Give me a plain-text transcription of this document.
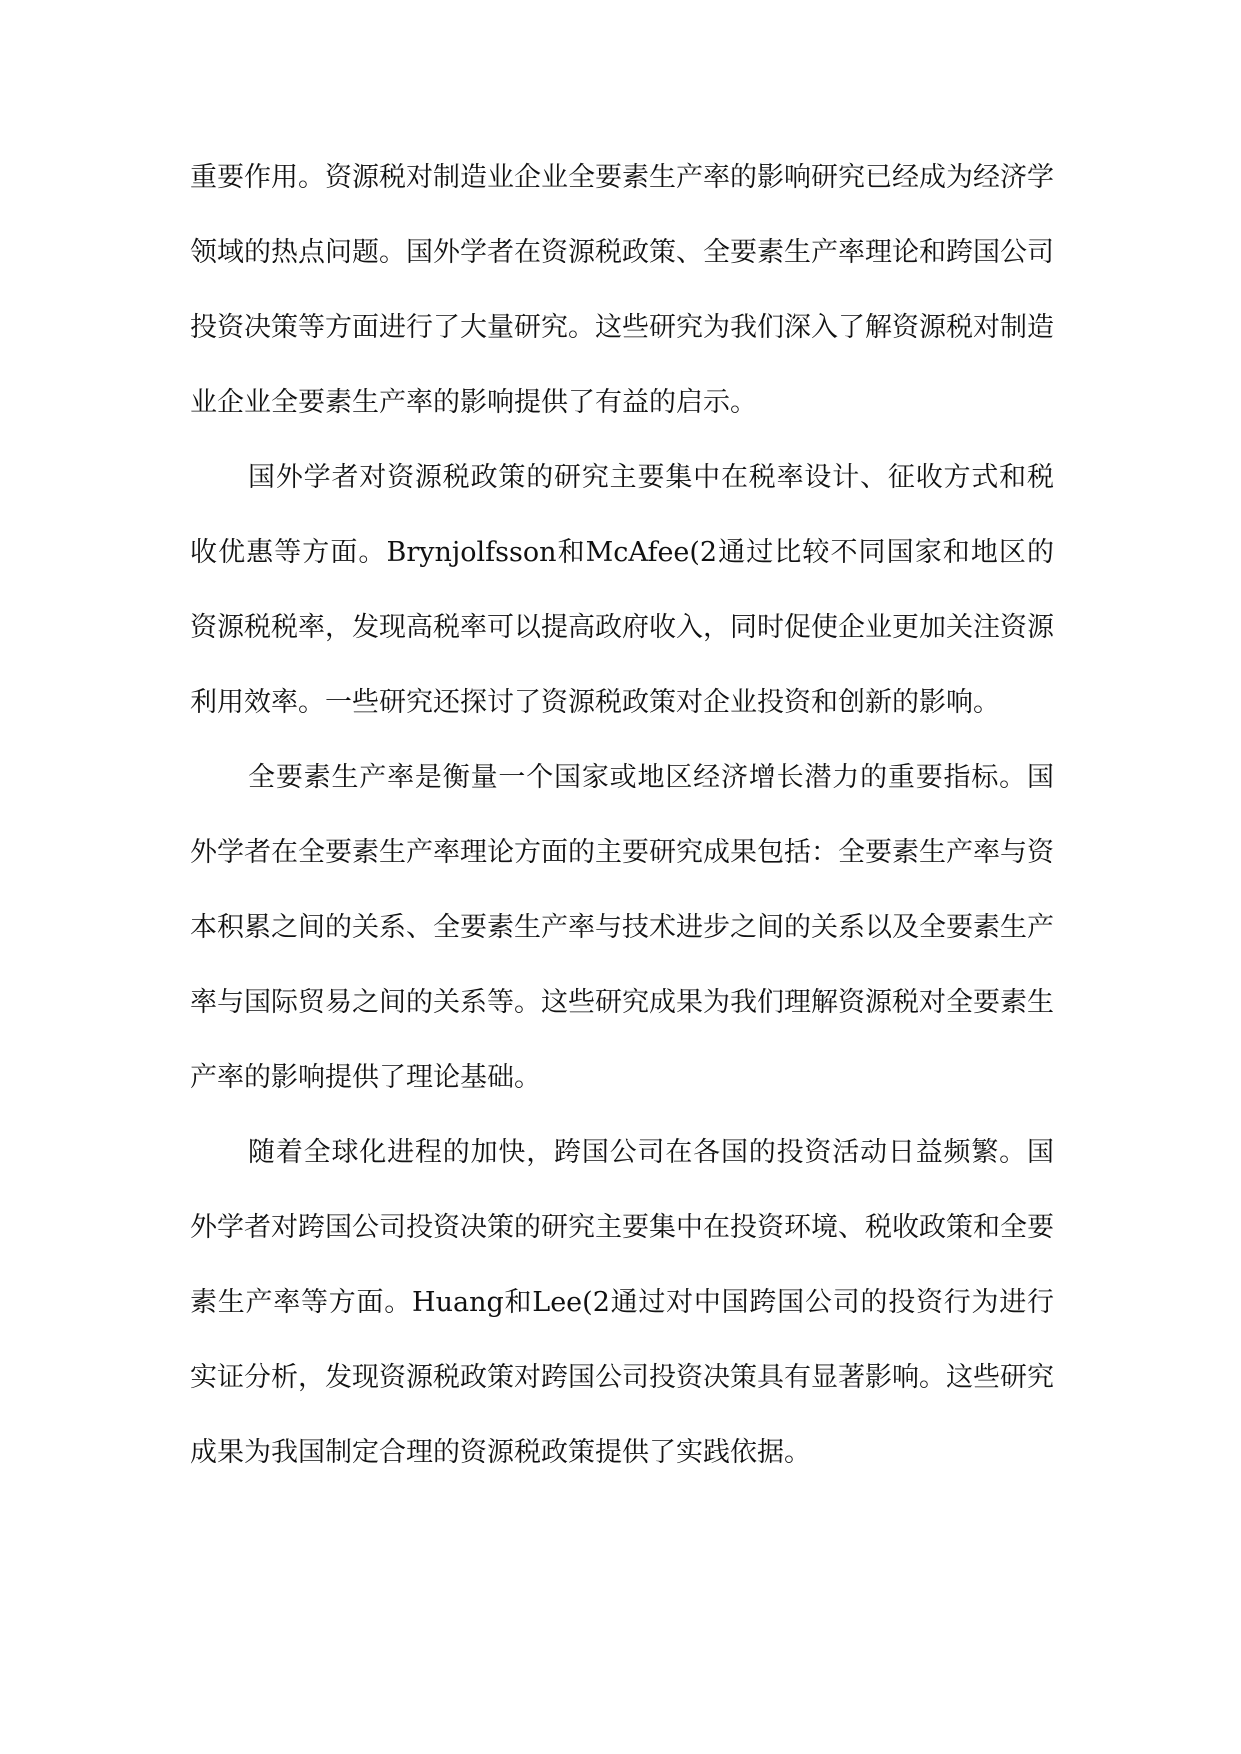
重要作用。资源税对制造业企业全要素生产率的影响研究已经成为经济学领域的热点问题。国外学者在资源税政策、全要素生产率理论和跨国公司投资决策等方面进行了大量研究。这些研究为我们深入了解资源税对制造业企业全要素生产率的影响提供了有益的启示。

国外学者对资源税政策的研究主要集中在税率设计、征收方式和税收优惠等方面。Brynjolfsson和McAfee(2通过比较不同国家和地区的资源税税率，发现高税率可以提高政府收入，同时促使企业更加关注资源利用效率。一些研究还探讨了资源税政策对企业投资和创新的影响。

全要素生产率是衡量一个国家或地区经济增长潜力的重要指标。国外学者在全要素生产率理论方面的主要研究成果包括：全要素生产率与资本积累之间的关系、全要素生产率与技术进步之间的关系以及全要素生产率与国际贸易之间的关系等。这些研究成果为我们理解资源税对全要素生产率的影响提供了理论基础。

随着全球化进程的加快，跨国公司在各国的投资活动日益频繁。国外学者对跨国公司投资决策的研究主要集中在投资环境、税收政策和全要素生产率等方面。Huang和Lee(2通过对中国跨国公司的投资行为进行实证分析，发现资源税政策对跨国公司投资决策具有显著影响。这些研究成果为我国制定合理的资源税政策提供了实践依据。
